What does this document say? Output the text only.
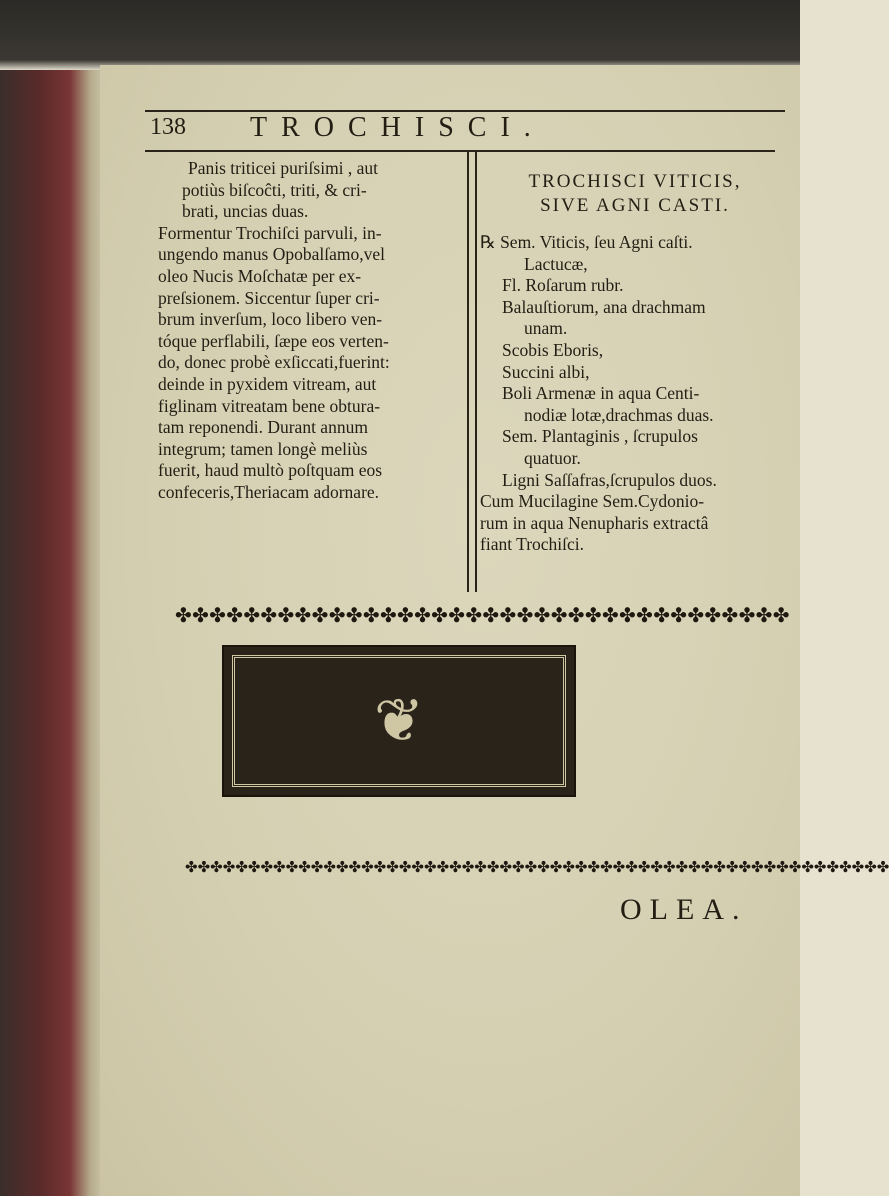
138 TROCHISCI.

Panis triticei puriſsimi , aut

potiùs biſcoĉti, triti, & cri-

brati, uncias duas.

Formentur Trochiſci parvuli, in-

ungendo manus Opobalſamo,vel

oleo Nucis Moſchatæ per ex-

preſsionem. Siccentur ſuper cri-

brum inverſum, loco libero ven-

tóque perflabili, ſæpe eos verten-

do, donec probè exſiccati,fuerint:

deinde in pyxidem vitream, aut

figlinam vitreatam bene obtura-

tam reponendi. Durant annum

integrum; tamen longè meliùs

fuerit, haud multò poſtquam eos

confeceris,Theriacam adornare.

TROCHISCI VITICIS,
SIVE AGNI CASTI.

℞ Sem. Viticis, ſeu Agni caſti.

Lactucæ,

Fl. Roſarum rubr.

Balauſtiorum, ana drachmam

unam.

Scobis Eboris,

Succini albi,

Boli Armenæ in aqua Centi-

nodiæ lotæ,drachmas duas.

Sem. Plantaginis , ſcrupulos

quatuor.

Ligni Saſſafras,ſcrupulos duos.

Cum Mucilagine Sem.Cydonio-

rum in aqua Nenupharis extractâ

fiant Trochiſci.

✤ ✤ ✤ ✤ ✤ ✤ ✤ ✤ ✤ ✤ ✤ ✤ ✤ ✤ ✤ ✤ ✤ ✤ ✤ ✤ ✤ ✤ ✤ ✤ ✤ ✤ ✤ ✤ ✤ ✤ ✤ ✤ ✤ ✤ ✤ ✤
❦
✤ ✤ ✤ ✤ ✤ ✤ ✤ ✤ ✤ ✤ ✤ ✤ ✤ ✤ ✤ ✤ ✤ ✤ ✤ ✤ ✤ ✤ ✤ ✤ ✤ ✤ ✤ ✤ ✤ ✤ ✤ ✤ ✤ ✤ ✤ ✤ ✤ ✤ ✤ ✤ ✤ ✤ ✤ ✤ ✤ ✤ ✤ ✤ ✤ ✤ ✤ ✤ ✤ ✤ ✤ ✤
OLEA.
